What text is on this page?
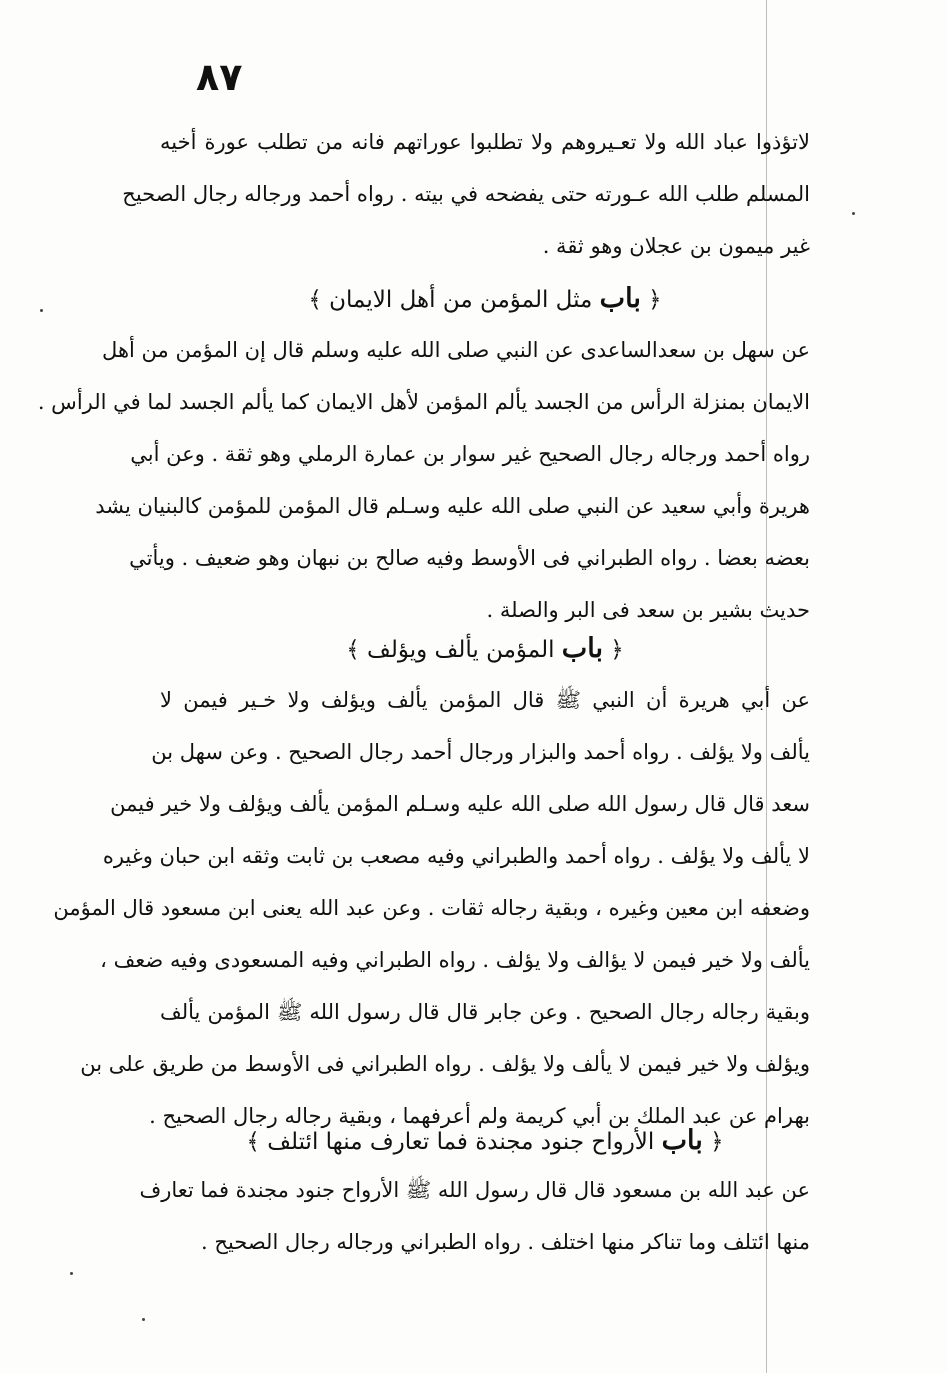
٨٧
لاتؤذوا عباد الله ولا تعـيروهم ولا تطلبوا عوراتهم فانه من تطلب عورة أخيه
المسلم طلب الله عـورته حتى يفضحه في بيته . رواه أحمد ورجاله رجال الصحيح
غير ميمون بن عجلان وهو ثقة .
﴿ باب مثل المؤمن من أهل الايمان ﴾
عن سهل بن سعدالساعدى عن النبي صلى الله عليه وسلم قال إن المؤمن من أهل
الايمان بمنزلة الرأس من الجسد يألم المؤمن لأهل الايمان كما يألم الجسد لما في الرأس .
رواه أحمد ورجاله رجال الصحيح غير سوار بن عمارة الرملي وهو ثقة . وعن أبي
هريرة وأبي سعيد عن النبي صلى الله عليه وسـلم قال المؤمن للمؤمن كالبنيان يشد
بعضه بعضا . رواه الطبراني فى الأوسط وفيه صالح بن نبهان وهو ضعيف . ويأتي
حديث بشير بن سعد فى البر والصلة .
﴿ باب المؤمن يألف ويؤلف ﴾
عن أبي هريرة أن النبي ﷺ قال المؤمن يألف ويؤلف ولا خـير فيمن لا
يألف ولا يؤلف . رواه أحمد والبزار ورجال أحمد رجال الصحيح . وعن سهل بن
سعد قال قال رسول الله صلى الله عليه وسـلم المؤمن يألف ويؤلف ولا خير فيمن
لا يألف ولا يؤلف . رواه أحمد والطبراني وفيه مصعب بن ثابت وثقه ابن حبان وغيره
وضعفه ابن معين وغيره ، وبقية رجاله ثقات . وعن عبد الله يعنى ابن مسعود قال المؤمن
يألف ولا خير فيمن لا يؤالف ولا يؤلف . رواه الطبراني وفيه المسعودى وفيه ضعف ،
وبقية رجاله رجال الصحيح . وعن جابر قال قال رسول الله ﷺ المؤمن يألف
ويؤلف ولا خير فيمن لا يألف ولا يؤلف . رواه الطبراني فى الأوسط من طريق على بن
بهرام عن عبد الملك بن أبي كريمة ولم أعرفهما ، وبقية رجاله رجال الصحيح .
﴿ باب الأرواح جنود مجندة فما تعارف منها ائتلف ﴾
عن عبد الله بن مسعود قال قال رسول الله ﷺ الأرواح جنود مجندة فما تعارف
منها ائتلف وما تناكر منها اختلف . رواه الطبراني ورجاله رجال الصحيح .
